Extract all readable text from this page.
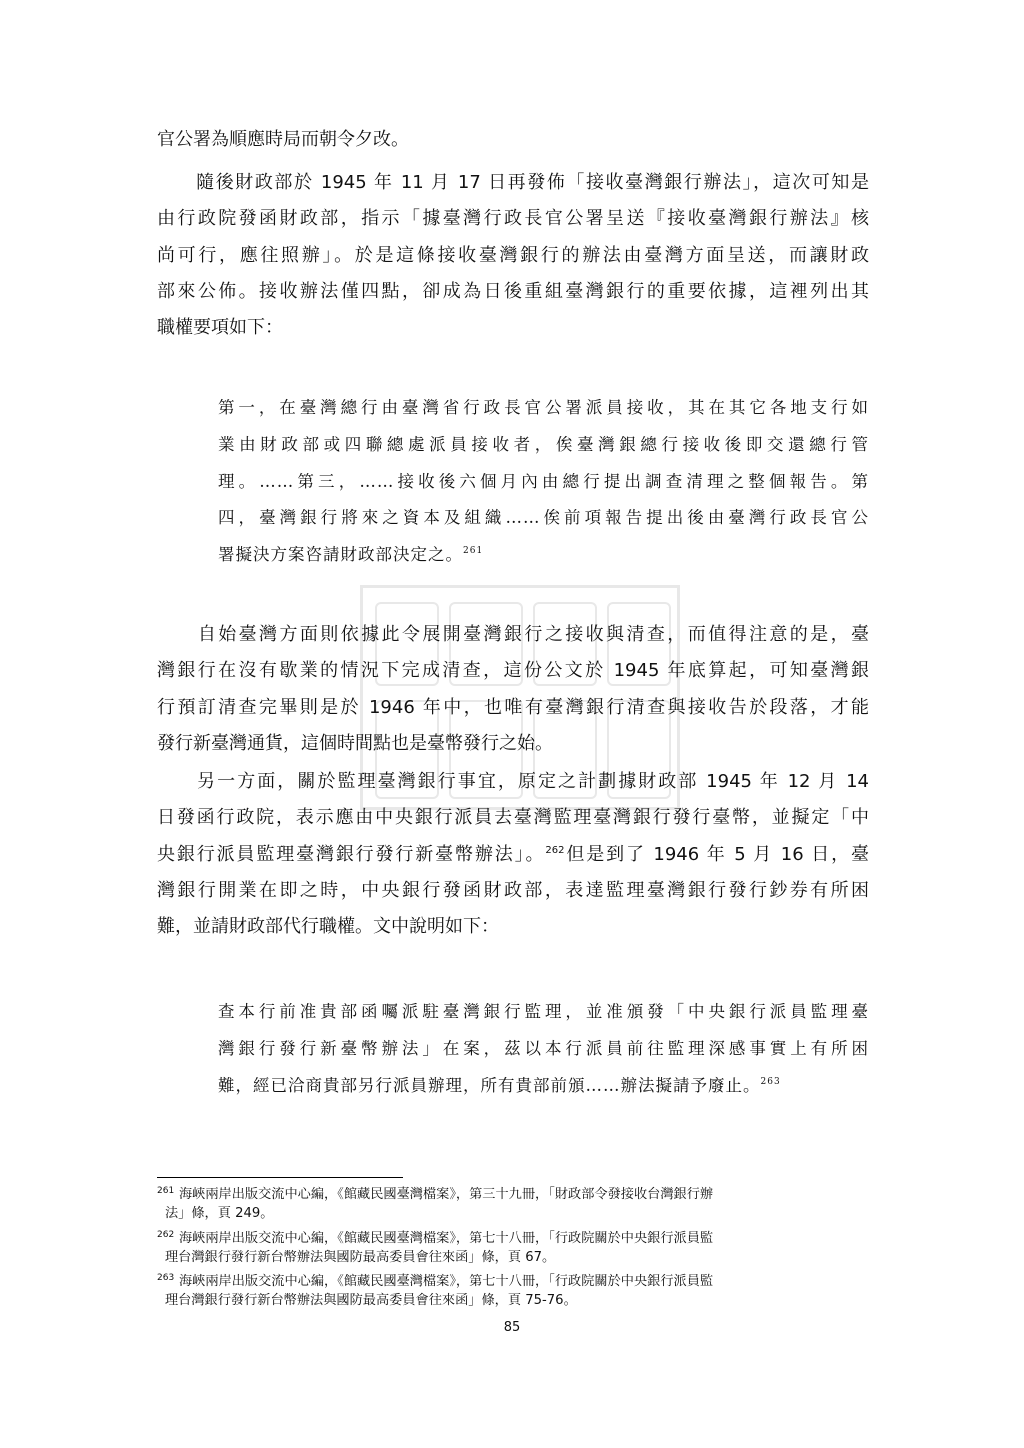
官公署為順應時局而朝令夕改。
　　隨後財政部於 1945 年 11 月 17 日再發佈「接收臺灣銀行辦法」，這次可知是
由行政院發函財政部，指示「據臺灣行政長官公署呈送『接收臺灣銀行辦法』核
尚可行，應往照辦」。於是這條接收臺灣銀行的辦法由臺灣方面呈送，而讓財政
部來公佈。接收辦法僅四點，卻成為日後重組臺灣銀行的重要依據，這裡列出其
職權要項如下：
第一，在臺灣總行由臺灣省行政長官公署派員接收，其在其它各地支行如
業由財政部或四聯總處派員接收者，俟臺灣銀總行接收後即交還總行管
理。……第三，……接收後六個月內由總行提出調查清理之整個報告。第
四，臺灣銀行將來之資本及組織……俟前項報告提出後由臺灣行政長官公
署擬決方案咨請財政部決定之。$^{261}$
　　自始臺灣方面則依據此令展開臺灣銀行之接收與清查，而值得注意的是，臺
灣銀行在沒有歇業的情況下完成清查，這份公文於 1945 年底算起，可知臺灣銀
行預訂清查完畢則是於 1946 年中，也唯有臺灣銀行清查與接收告於段落，才能
發行新臺灣通貨，這個時間點也是臺幣發行之始。
　　另一方面，關於監理臺灣銀行事宜，原定之計劃據財政部 1945 年 12 月 14
日發函行政院，表示應由中央銀行派員去臺灣監理臺灣銀行發行臺幣，並擬定「中
央銀行派員監理臺灣銀行發行新臺幣辦法」。$^{262}$但是到了 1946 年 5 月 16 日，臺
灣銀行開業在即之時，中央銀行發函財政部，表達監理臺灣銀行發行鈔券有所困
難，並請財政部代行職權。文中說明如下：
查本行前准貴部函囑派駐臺灣銀行監理，並准頒發「中央銀行派員監理臺
灣銀行發行新臺幣辦法」在案，茲以本行派員前往監理深感事實上有所困
難，經已洽商貴部另行派員辦理，所有貴部前頒……辦法擬請予廢止。$^{263}$
$^{261}$ 海峽兩岸出版交流中心編，《館藏民國臺灣檔案》，第三十九冊，「財政部令發接收台灣銀行辦
法」條，頁 249。
$^{262}$ 海峽兩岸出版交流中心編，《館藏民國臺灣檔案》，第七十八冊，「行政院關於中央銀行派員監
理台灣銀行發行新台幣辦法與國防最高委員會往來函」條，頁 67。
$^{263}$ 海峽兩岸出版交流中心編，《館藏民國臺灣檔案》，第七十八冊，「行政院關於中央銀行派員監
理台灣銀行發行新台幣辦法與國防最高委員會往來函」條，頁 75-76。
85
